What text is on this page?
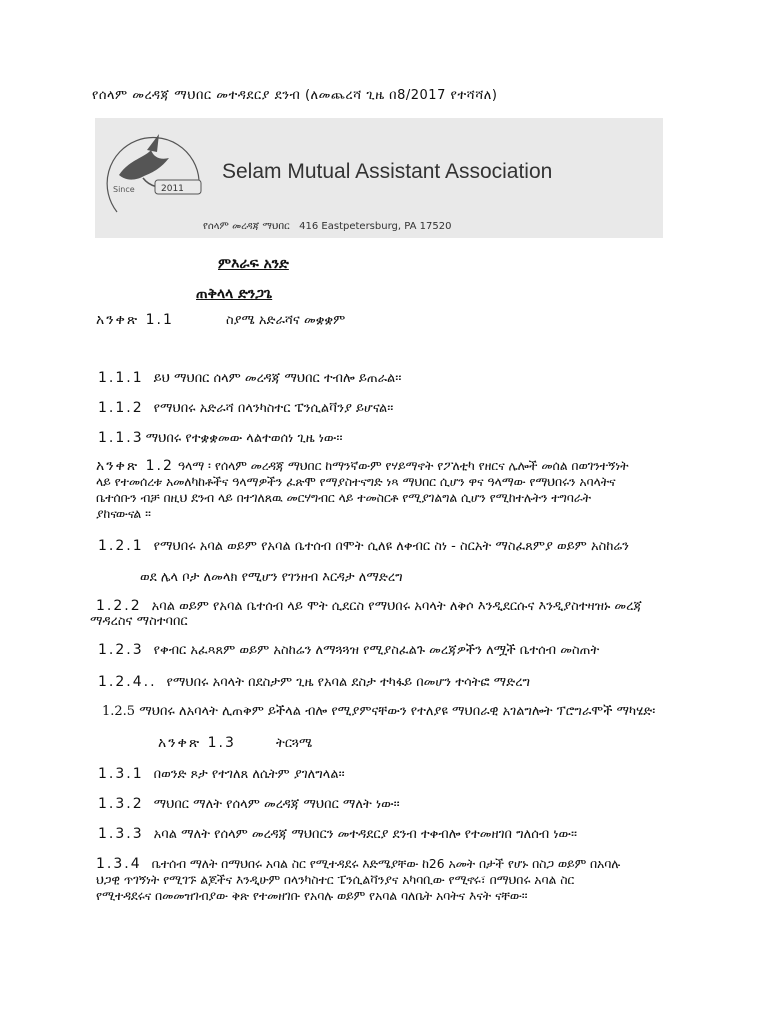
የሰላም መረዳጃ ማህበር መተዳደርያ ደንብ (ለመጨረሻ ጊዜ በ8/2017 የተሻሻለ)
Since	2011
Selam Mutual Assistant Association
የሰላም መረዳጃ ማህበር 416 Eastpetersburg, PA 17520
ምእራፍ አንድ
ጠቅላላ ድንጋጌ
አንቀጽ 1.1	ስያሜ አድራሻና መቋቋም
1.1.1 ይህ ማህበር ሰላም መረዳጃ ማህበር ተብሎ ይጠራል፡፡
1.1.2 የማህበሩ አድራሻ በላንካስተር ፔንሲልቫንያ ይሆናል፡፡
1.1.3 ማህበሩ የተቋቋመው ላልተወሰነ ጊዜ ነው፡፡
አንቀጽ 1.2 ዓላማ ፡ የሰላም መረዳጃ ማህበር ከማንኛውም የሃይማኖት የፖለቲካ የዘርና ሌሎች መሰል በወገንተኝነት
ላይ የተመሰረቱ አመለካከቶችና ዓላማዎችን ፈጽሞ የማያስተናግድ ነጻ ማህበር ሲሆን ዋና ዓላማው የማህበሩን አባላትና
ቤተሰቡን ብቻ በዚህ ደንብ ላይ በተገለጸዉ መርሃግብር ላይ ተመስርቶ የሚያገልግል ሲሆን የሚከተሉትን ተግባራት
ያከናውናል ።
1.2.1 የማህበሩ አባል ወይም የአባል ቤተሰብ በሞት ሲለዩ ለቀብር ስነ - ስርአት ማስፈጸምያ ወይም አስከሬን
ወደ ሌላ ቦታ ለመላክ የሚሆን የገንዘብ እርዳታ ለማድረግ
1.2.2 አባል ወይም የአባል ቤተሰብ ላይ ሞት ሲደርስ የማህበሩ አባላት ለቅሶ እንዲደርሱና እንዲያስተዛዝኑ መረጃ
ማዳረስና ማስተባበር
1.2.3 የቀብር አፈጻጸም ወይም አስከሬን ለማጓጓዝ የሚያስፈልጉ መረጃዎችን ለሟች ቤተሰብ መስጠት
1.2.4.. የማህበሩ አባላት በደስታም ጊዜ የአባል ደስታ ተካፋይ በመሆን ተሳትፎ ማድረግ
1.2.5 ማህበሩ ለአባላት ሊጠቅም ይችላል ብሎ የሚያምናቸውን የተለያዩ ማህበራዊ አገልግሎት ፕሮግራሞች ማካሄድ፡
አንቀጽ 1.3	ትርጓሜ
1.3.1 በወንድ ጾታ የተገለጸ ለሴትም ያገለግላል፡፡
1.3.2 ማህበር ማለት የሰላም መረዳጃ ማህበር ማለት ነው፡፡
1.3.3 አባል ማለት የሰላም መረዳጃ ማህበርን መተዳደርያ ደንብ ተቀብሎ የተመዘገበ ግለሰብ ነው፡፡
1.3.4 ቤተሰብ ማለት በማህበሩ አባል ስር የሚተዳደሩ እድሜያቸው ከ26 አመት በታች የሆኑ በስጋ ወይም በአባሉ
ህጋዊ ጥገኝነት የሚገኙ ልጆችና እንዲሁም በላንካስተር ፔንሲልቫንያና አካባቢው የሚኖሩ፣ በማህበሩ አባል ስር
የሚተዳደሩና በመመዝገብያው ቅጽ የተመዘገቡ የአባሉ ወይም የአባል ባለቤት አባትና እናት ናቸው፡፡
